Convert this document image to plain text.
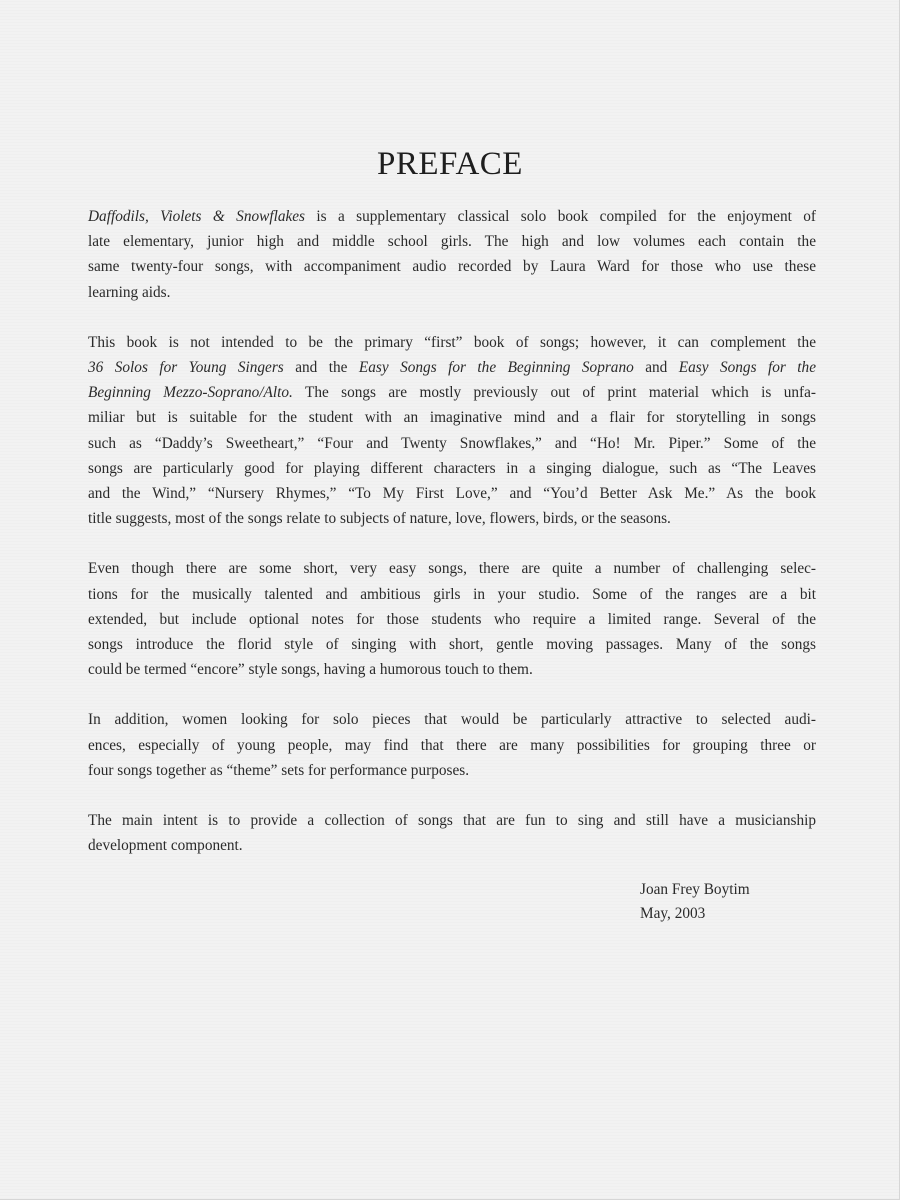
PREFACE

Daffodils, Violets & Snowflakes is a supplementary classical solo book compiled for the enjoyment of
late elementary, junior high and middle school girls. The high and low volumes each contain the
same twenty-four songs, with accompaniment audio recorded by Laura Ward for those who use these
learning aids.

This book is not intended to be the primary “first” book of songs; however, it can complement the
36 Solos for Young Singers and the Easy Songs for the Beginning Soprano and Easy Songs for the
Beginning Mezzo-Soprano/Alto. The songs are mostly previously out of print material which is unfa-
miliar but is suitable for the student with an imaginative mind and a flair for storytelling in songs
such as “Daddy’s Sweetheart,” “Four and Twenty Snowflakes,” and “Ho! Mr. Piper.” Some of the
songs are particularly good for playing different characters in a singing dialogue, such as “The Leaves
and the Wind,” “Nursery Rhymes,” “To My First Love,” and “You’d Better Ask Me.” As the book
title suggests, most of the songs relate to subjects of nature, love, flowers, birds, or the seasons.

Even though there are some short, very easy songs, there are quite a number of challenging selec-
tions for the musically talented and ambitious girls in your studio. Some of the ranges are a bit
extended, but include optional notes for those students who require a limited range. Several of the
songs introduce the florid style of singing with short, gentle moving passages. Many of the songs
could be termed “encore” style songs, having a humorous touch to them.

In addition, women looking for solo pieces that would be particularly attractive to selected audi-
ences, especially of young people, may find that there are many possibilities for grouping three or
four songs together as “theme” sets for performance purposes.

The main intent is to provide a collection of songs that are fun to sing and still have a musicianship
development component.

Joan Frey Boytim
May, 2003
